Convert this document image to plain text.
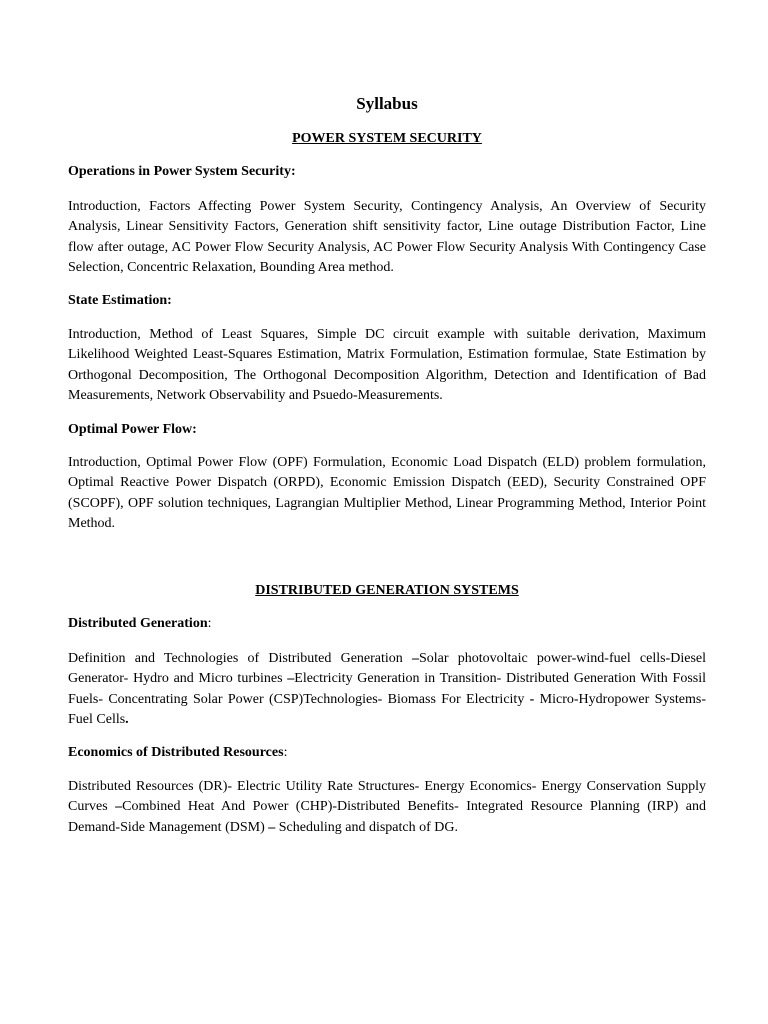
Syllabus
POWER SYSTEM SECURITY

Operations in Power System Security:

Introduction, Factors Affecting Power System Security, Contingency Analysis, An Overview of Security Analysis, Linear Sensitivity Factors, Generation shift sensitivity factor, Line outage Distribution Factor, Line flow after outage, AC Power Flow Security Analysis, AC Power Flow Security Analysis With Contingency Case Selection, Concentric Relaxation, Bounding Area method.

State Estimation:

Introduction, Method of Least Squares, Simple DC circuit example with suitable derivation, Maximum Likelihood Weighted Least-Squares Estimation, Matrix Formulation, Estimation formulae, State Estimation by Orthogonal Decomposition, The Orthogonal Decomposition Algorithm, Detection and Identification of Bad Measurements, Network Observability and Psuedo-Measurements.

Optimal Power Flow:

Introduction, Optimal Power Flow (OPF) Formulation, Economic Load Dispatch (ELD) problem formulation, Optimal Reactive Power Dispatch (ORPD), Economic Emission Dispatch (EED), Security Constrained OPF (SCOPF), OPF solution techniques, Lagrangian Multiplier Method, Linear Programming Method, Interior Point Method.

DISTRIBUTED GENERATION SYSTEMS

Distributed Generation:

Definition and Technologies of Distributed Generation –Solar photovoltaic power-wind-fuel cells-Diesel Generator- Hydro and Micro turbines –Electricity Generation in Transition- Distributed Generation With Fossil Fuels- Concentrating Solar Power (CSP)Technologies- Biomass For Electricity - Micro-Hydropower Systems-Fuel Cells.

Economics of Distributed Resources:

Distributed Resources (DR)- Electric Utility Rate Structures- Energy Economics- Energy Conservation Supply Curves –Combined Heat And Power (CHP)-Distributed Benefits- Integrated Resource Planning (IRP) and Demand-Side Management (DSM) – Scheduling and dispatch of DG.
